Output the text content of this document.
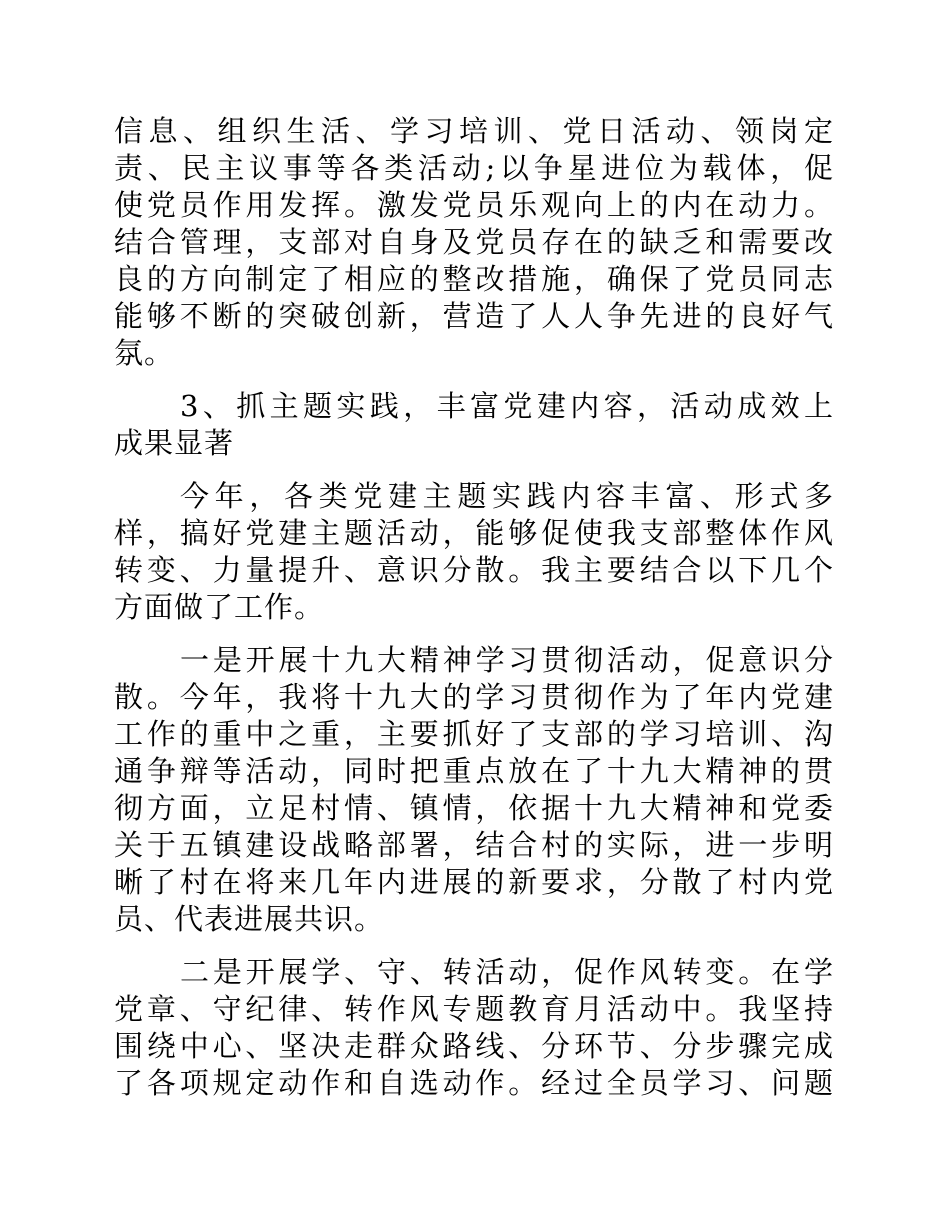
信息、组织生活、学习培训、党日活动、领岗定
责、民主议事等各类活动;以争星进位为载体，促
使党员作用发挥。激发党员乐观向上的内在动力。
结合管理，支部对自身及党员存在的缺乏和需要改
良的方向制定了相应的整改措施，确保了党员同志
能够不断的突破创新，营造了人人争先进的良好气
氛。
3、抓主题实践，丰富党建内容，活动成效上
成果显著
今年，各类党建主题实践内容丰富、形式多
样，搞好党建主题活动，能够促使我支部整体作风
转变、力量提升、意识分散。我主要结合以下几个
方面做了工作。
一是开展十九大精神学习贯彻活动，促意识分
散。今年，我将十九大的学习贯彻作为了年内党建
工作的重中之重，主要抓好了支部的学习培训、沟
通争辩等活动，同时把重点放在了十九大精神的贯
彻方面，立足村情、镇情，依据十九大精神和党委
关于五镇建设战略部署，结合村的实际，进一步明
晰了村在将来几年内进展的新要求，分散了村内党
员、代表进展共识。
二是开展学、守、转活动，促作风转变。在学
党章、守纪律、转作风专题教育月活动中。我坚持
围绕中心、坚决走群众路线、分环节、分步骤完成
了各项规定动作和自选动作。经过全员学习、问题
